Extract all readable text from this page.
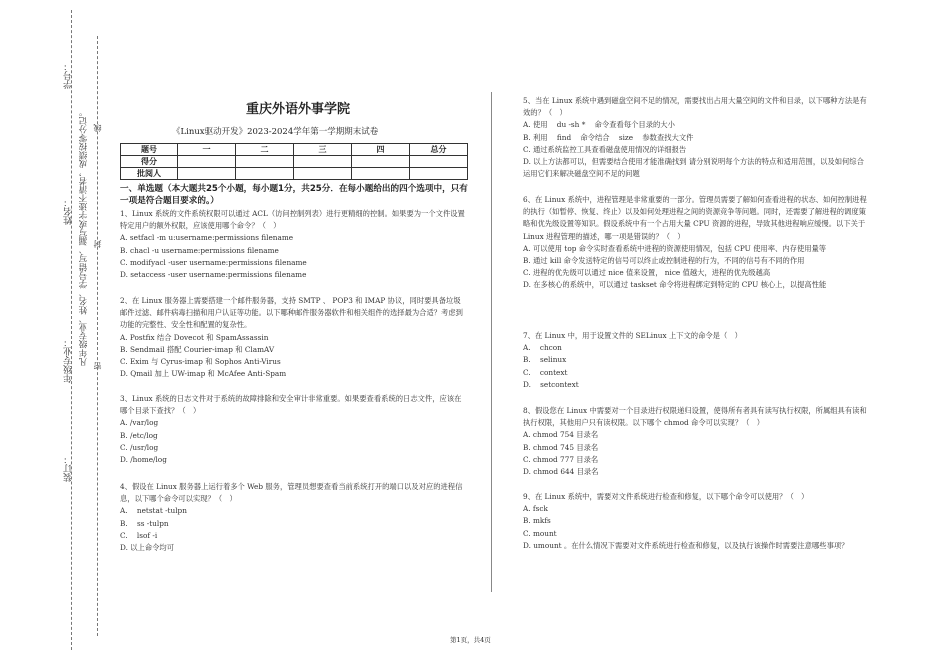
学号：
姓名：
年级专业：
装订：
凡年级专业、姓名、学号错写、漏写或字迹不清者，成绩按零分记。 线
封
密
重庆外语外事学院
《Linux驱动开发》2023-2024学年第一学期期末试卷
题号	一	二	三	四	总分
得分					
批阅人					
一、单选题（本大题共25个小题，每小题1分，共25分．在每小题给出的四个选项中，只有一项是符合题目要求的。）

1、Linux 系统的文件系统权限可以通过 ACL（访问控制列表）进行更精细的控制。如果要为一个文件设置特定用户的额外权限，应该使用哪个命令？（　）

A. setfacl -m u:username:permissions filename

B. chacl -u username:permissions filename

C. modifyacl -user username:permissions filename

D. setaccess -user username:permissions filename

2、在 Linux 服务器上需要搭建一个邮件服务器，支持 SMTP 、 POP3 和 IMAP 协议，同时要具备垃圾邮件过滤、邮件病毒扫描和用户认证等功能。以下哪种邮件服务器软件和相关组件的选择最为合适？考虑到功能的完整性、安全性和配置的复杂性。

A. Postfix 结合 Dovecot 和 SpamAssassin

B. Sendmail 搭配 Courier-imap 和 ClamAV

C. Exim 与 Cyrus-imap 和 Sophos Anti-Virus

D. Qmail 加上 UW-imap 和 McAfee Anti-Spam

3、Linux 系统的日志文件对于系统的故障排除和安全审计非常重要。如果要查看系统的日志文件，应该在哪个目录下查找？（　）

A. /var/log

B. /etc/log

C. /usr/log

D. /home/log

4、假设在 Linux 服务器上运行着多个 Web 服务，管理员想要查看当前系统打开的端口以及对应的进程信息，以下哪个命令可以实现？（　）

A.    netstat -tulpn

B.    ss -tulpn

C.    lsof -i

D. 以上命令均可

5、当在 Linux 系统中遇到磁盘空间不足的情况，需要找出占用大量空间的文件和目录，以下哪种方法是有效的？（　）

A. 使用    du -sh *    命令查看每个目录的大小

B. 利用    find    命令结合    size    参数查找大文件

C. 通过系统监控工具查看磁盘使用情况的详细报告

D. 以上方法都可以，但需要结合使用才能准确找到 请分别说明每个方法的特点和适用范围，以及如何综合运用它们来解决磁盘空间不足的问题

6、在 Linux 系统中，进程管理是非常重要的一部分。管理员需要了解如何查看进程的状态、如何控制进程的执行（如暂停、恢复、终止）以及如何处理进程之间的资源竞争等问题。同时，还需要了解进程的调度策略和优先级设置等知识。假设系统中有一个占用大量 CPU 资源的进程，导致其他进程响应缓慢。以下关于 Linux 进程管理的描述，哪一项是错误的？（　）

A. 可以使用 top 命令实时查看系统中进程的资源使用情况，包括 CPU 使用率、内存使用量等

B. 通过 kill 命令发送特定的信号可以终止或控制进程的行为，不同的信号有不同的作用

C. 进程的优先级可以通过 nice 值来设置， nice 值越大，进程的优先级越高

D. 在多核心的系统中，可以通过 taskset 命令将进程绑定到特定的 CPU 核心上，以提高性能

7、在 Linux 中，用于设置文件的 SELinux 上下文的命令是（　）

A.    chcon

B.    selinux

C.    context

D.    setcontext

8、假设您在 Linux 中需要对一个目录进行权限递归设置，使得所有者具有读写执行权限，所属组具有读和执行权限，其他用户只有读权限。以下哪个 chmod 命令可以实现？（　）

A. chmod 754 目录名

B. chmod 745 目录名

C. chmod 777 目录名

D. chmod 644 目录名

9、在 Linux 系统中，需要对文件系统进行检查和修复，以下哪个命令可以使用？（　）

A. fsck

B. mkfs

C. mount

D. umount 。在什么情况下需要对文件系统进行检查和修复，以及执行该操作时需要注意哪些事项？

第1页，共4页
